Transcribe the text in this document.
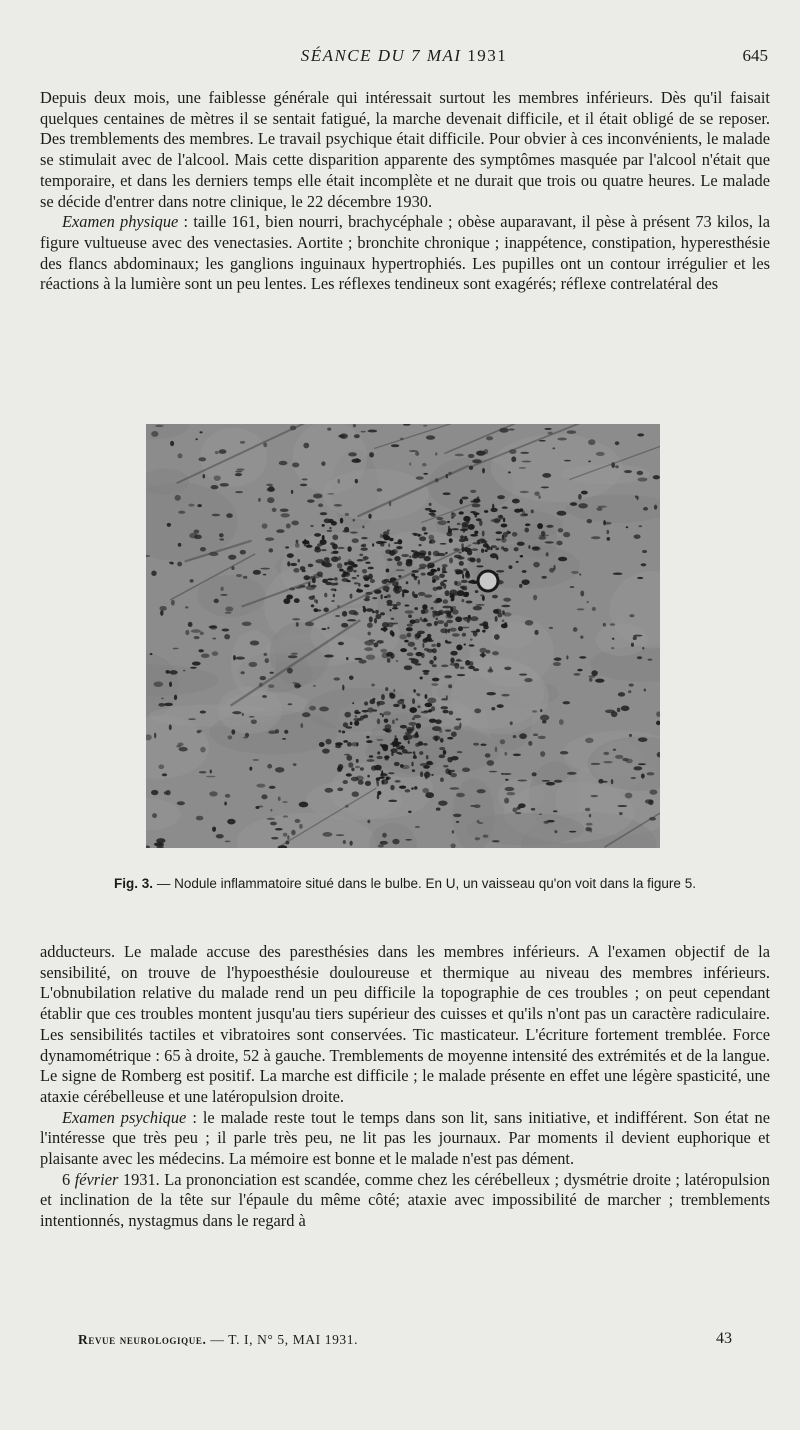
SÉANCE DU 7 MAI 1931	645

Depuis deux mois, une faiblesse générale qui intéressait surtout les membres inférieurs. Dès qu'il faisait quelques centaines de mètres il se sentait fatigué, la marche devenait difficile, et il était obligé de se reposer. Des tremblements des membres. Le travail psychique était difficile. Pour obvier à ces inconvénients, le malade se stimulait avec de l'alcool. Mais cette disparition apparente des symptômes masquée par l'alcool n'était que temporaire, et dans les derniers temps elle était incomplète et ne durait que trois ou quatre heures. Le malade se décide d'entrer dans notre clinique, le 22 décembre 1930.

Examen physique : taille 161, bien nourri, brachycéphale ; obèse auparavant, il pèse à présent 73 kilos, la figure vultueuse avec des venectasies. Aortite ; bronchite chronique ; inappétence, constipation, hyperesthésie des flancs abdominaux; les ganglions inguinaux hypertrophiés. Les pupilles ont un contour irrégulier et les réactions à la lumière sont un peu lentes. Les réflexes tendineux sont exagérés; réflexe contrelatéral des

Fig. 3. — Nodule inflammatoire situé dans le bulbe. En U, un vaisseau qu'on voit dans la figure 5.

adducteurs. Le malade accuse des paresthésies dans les membres inférieurs. A l'examen objectif de la sensibilité, on trouve de l'hypoesthésie douloureuse et thermique au niveau des membres inférieurs. L'obnubilation relative du malade rend un peu difficile la topographie de ces troubles ; on peut cependant établir que ces troubles montent jusqu'au tiers supérieur des cuisses et qu'ils n'ont pas un caractère radiculaire. Les sensibilités tactiles et vibratoires sont conservées. Tic masticateur. L'écriture fortement tremblée. Force dynamométrique : 65 à droite, 52 à gauche. Tremblements de moyenne intensité des extrémités et de la langue. Le signe de Romberg est positif. La marche est difficile ; le malade présente en effet une légère spasticité, une ataxie cérébelleuse et une latéropulsion droite.

Examen psychique : le malade reste tout le temps dans son lit, sans initiative, et indifférent. Son état ne l'intéresse que très peu ; il parle très peu, ne lit pas les journaux. Par moments il devient euphorique et plaisante avec les médecins. La mémoire est bonne et le malade n'est pas dément.

6 février 1931. La prononciation est scandée, comme chez les cérébelleux ; dysmétrie droite ; latéropulsion et inclination de la tête sur l'épaule du même côté; ataxie avec impossibilité de marcher ; tremblements intentionnés, nystagmus dans le regard à

Revue neurologique. — T. I, N° 5, MAI 1931.	43
